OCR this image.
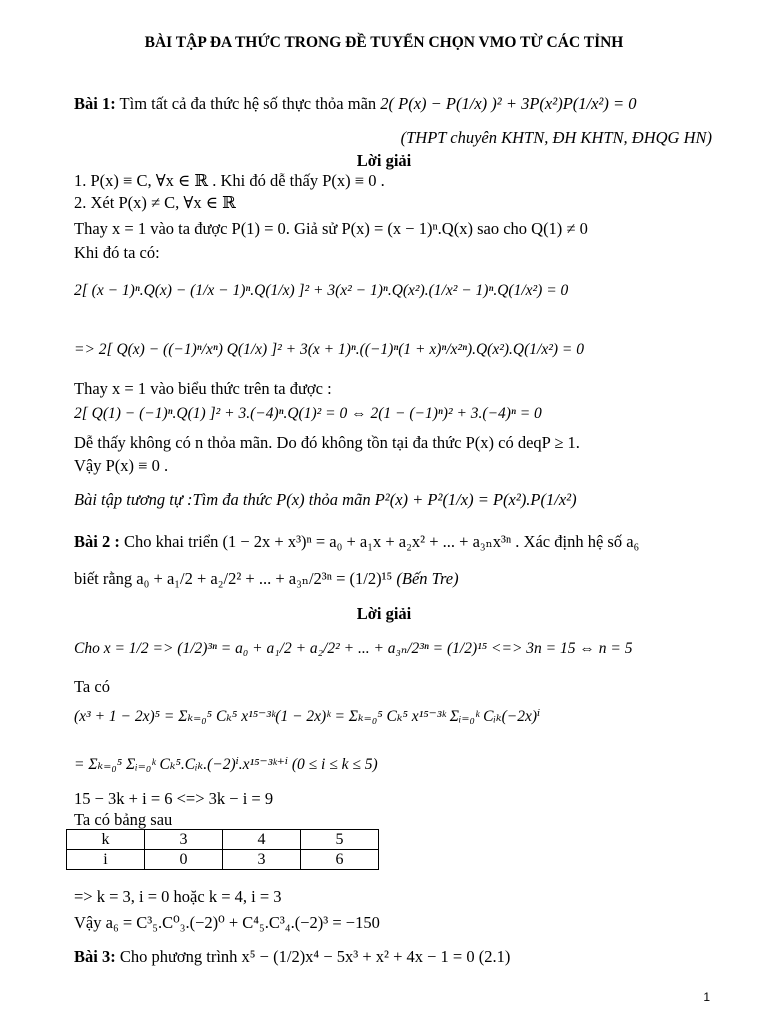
BÀI TẬP ĐA THỨC TRONG ĐỀ TUYỂN CHỌN VMO TỪ CÁC TỈNH
Bài 1: Tìm tất cả đa thức hệ số thực thỏa mãn 2( P(x) − P(1/x) )² + 3P(x²)P(1/x²) = 0
(THPT chuyên KHTN, ĐH KHTN, ĐHQG HN)
Lời giải
1. P(x) ≡ C, ∀x ∈ ℝ . Khi đó dễ thấy P(x) ≡ 0 .
2. Xét P(x) ≠ C, ∀x ∈ ℝ
Thay x = 1 vào ta được P(1) = 0. Giả sử P(x) = (x − 1)ⁿ.Q(x) sao cho Q(1) ≠ 0
Khi đó ta có:
2[ (x − 1)ⁿ.Q(x) − (1/x − 1)ⁿ.Q(1/x) ]² + 3(x² − 1)ⁿ.Q(x²).(1/x² − 1)ⁿ.Q(1/x²) = 0
=> 2[ Q(x) − ((−1)ⁿ/xⁿ) Q(1/x) ]² + 3(x + 1)ⁿ.((−1)ⁿ(1 + x)ⁿ/x²ⁿ).Q(x²).Q(1/x²) = 0
Thay x = 1 vào biểu thức trên ta được :
2[ Q(1) − (−1)ⁿ.Q(1) ]² + 3.(−4)ⁿ.Q(1)² = 0 ⇔ 2(1 − (−1)ⁿ)² + 3.(−4)ⁿ = 0
Dễ thấy không có n thỏa mãn. Do đó không tồn tại đa thức P(x) có deqP ≥ 1.
Vậy P(x) ≡ 0 .
Bài tập tương tự :Tìm đa thức P(x) thỏa mãn P²(x) + P²(1/x) = P(x²).P(1/x²)
Bài 2 : Cho khai triển (1 − 2x + x³)ⁿ = a₀ + a₁x + a₂x² + ... + a₃ₙx³ⁿ . Xác định hệ số a₆
biết rằng a₀ + a₁/2 + a₂/2² + ... + a₃ₙ/2³ⁿ = (1/2)¹⁵ (Bến Tre)
Lời giải
Cho x = 1/2 => (1/2)³ⁿ = a₀ + a₁/2 + a₂/2² + ... + a₃ₙ/2³ⁿ = (1/2)¹⁵ <=> 3n = 15 ⇔ n = 5
Ta có
(x³ + 1 − 2x)⁵ = Σₖ₌₀⁵ Cₖ⁵ x¹⁵⁻³ᵏ(1 − 2x)ᵏ = Σₖ₌₀⁵ Cₖ⁵ x¹⁵⁻³ᵏ Σᵢ₌₀ᵏ Cᵢₖ(−2x)ⁱ
= Σₖ₌₀⁵ Σᵢ₌₀ᵏ Cₖ⁵.Cᵢₖ.(−2)ⁱ.x¹⁵⁻³ᵏ⁺ⁱ (0 ≤ i ≤ k ≤ 5)
15 − 3k + i = 6 <=> 3k − i = 9
Ta có bảng sau
k	3	4	5
i	0	3	6
=> k = 3, i = 0 hoặc k = 4, i = 3
Vậy a₆ = C³₅.C⁰₃.(−2)⁰ + C⁴₅.C³₄.(−2)³ = −150
Bài 3: Cho phương trình x⁵ − (1/2)x⁴ − 5x³ + x² + 4x − 1 = 0 (2.1)
1
